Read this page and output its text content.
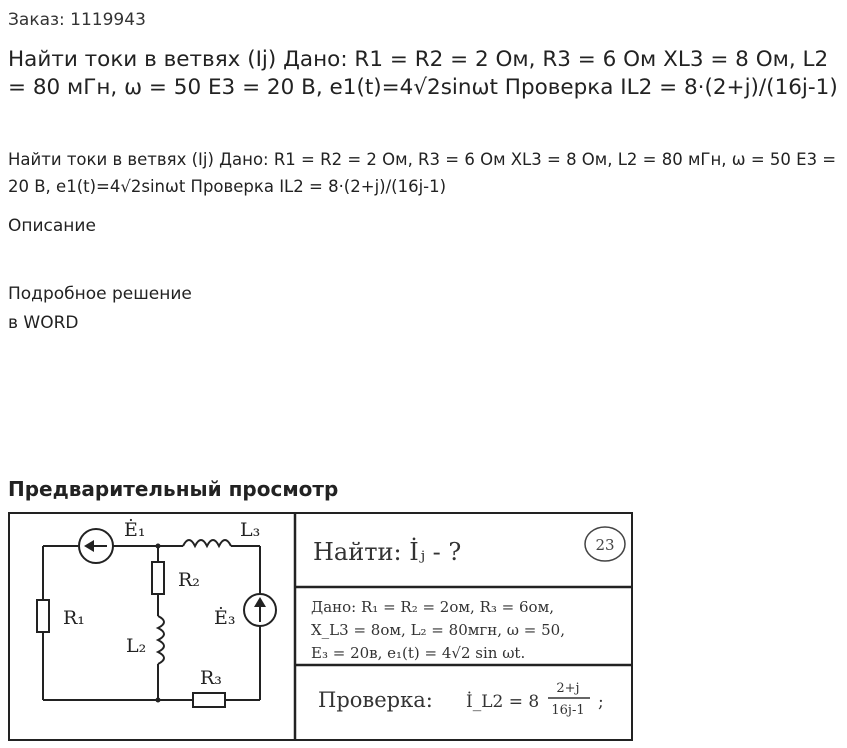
Заказ: 1119943
Найти токи в ветвях (Ij) Дано: R1 = R2 = 2 Ом, R3 = 6 Ом XL3 = 8 Ом, L2 = 80 мГн, ω = 50 E3 = 20 В, e1(t)=4√2sinωt Проверка IL2 = 8·(2+j)/(16j-1)
Найти токи в ветвях (Ij) Дано: R1 = R2 = 2 Ом, R3 = 6 Ом XL3 = 8 Ом, L2 = 80 мГн, ω = 50 E3 = 20 В, e1(t)=4√2sinωt Проверка IL2 = 8·(2+j)/(16j-1)
Описание
Подробное решение
в WORD
Предварительный просмотр
Ė₁	L₃
R₂
R₁	Ė₃
L₂
R₃
23
Найти: İⱼ - ?
Дано: R₁ = R₂ = 2ом, R₃ = 6ом,
X_L3 = 8ом, L₂ = 80мгн, ω = 50,
E₃ = 20в, e₁(t) = 4√2 sin ωt.
Проверка: İ_L2 = 8
2+j
16j-1 ;
